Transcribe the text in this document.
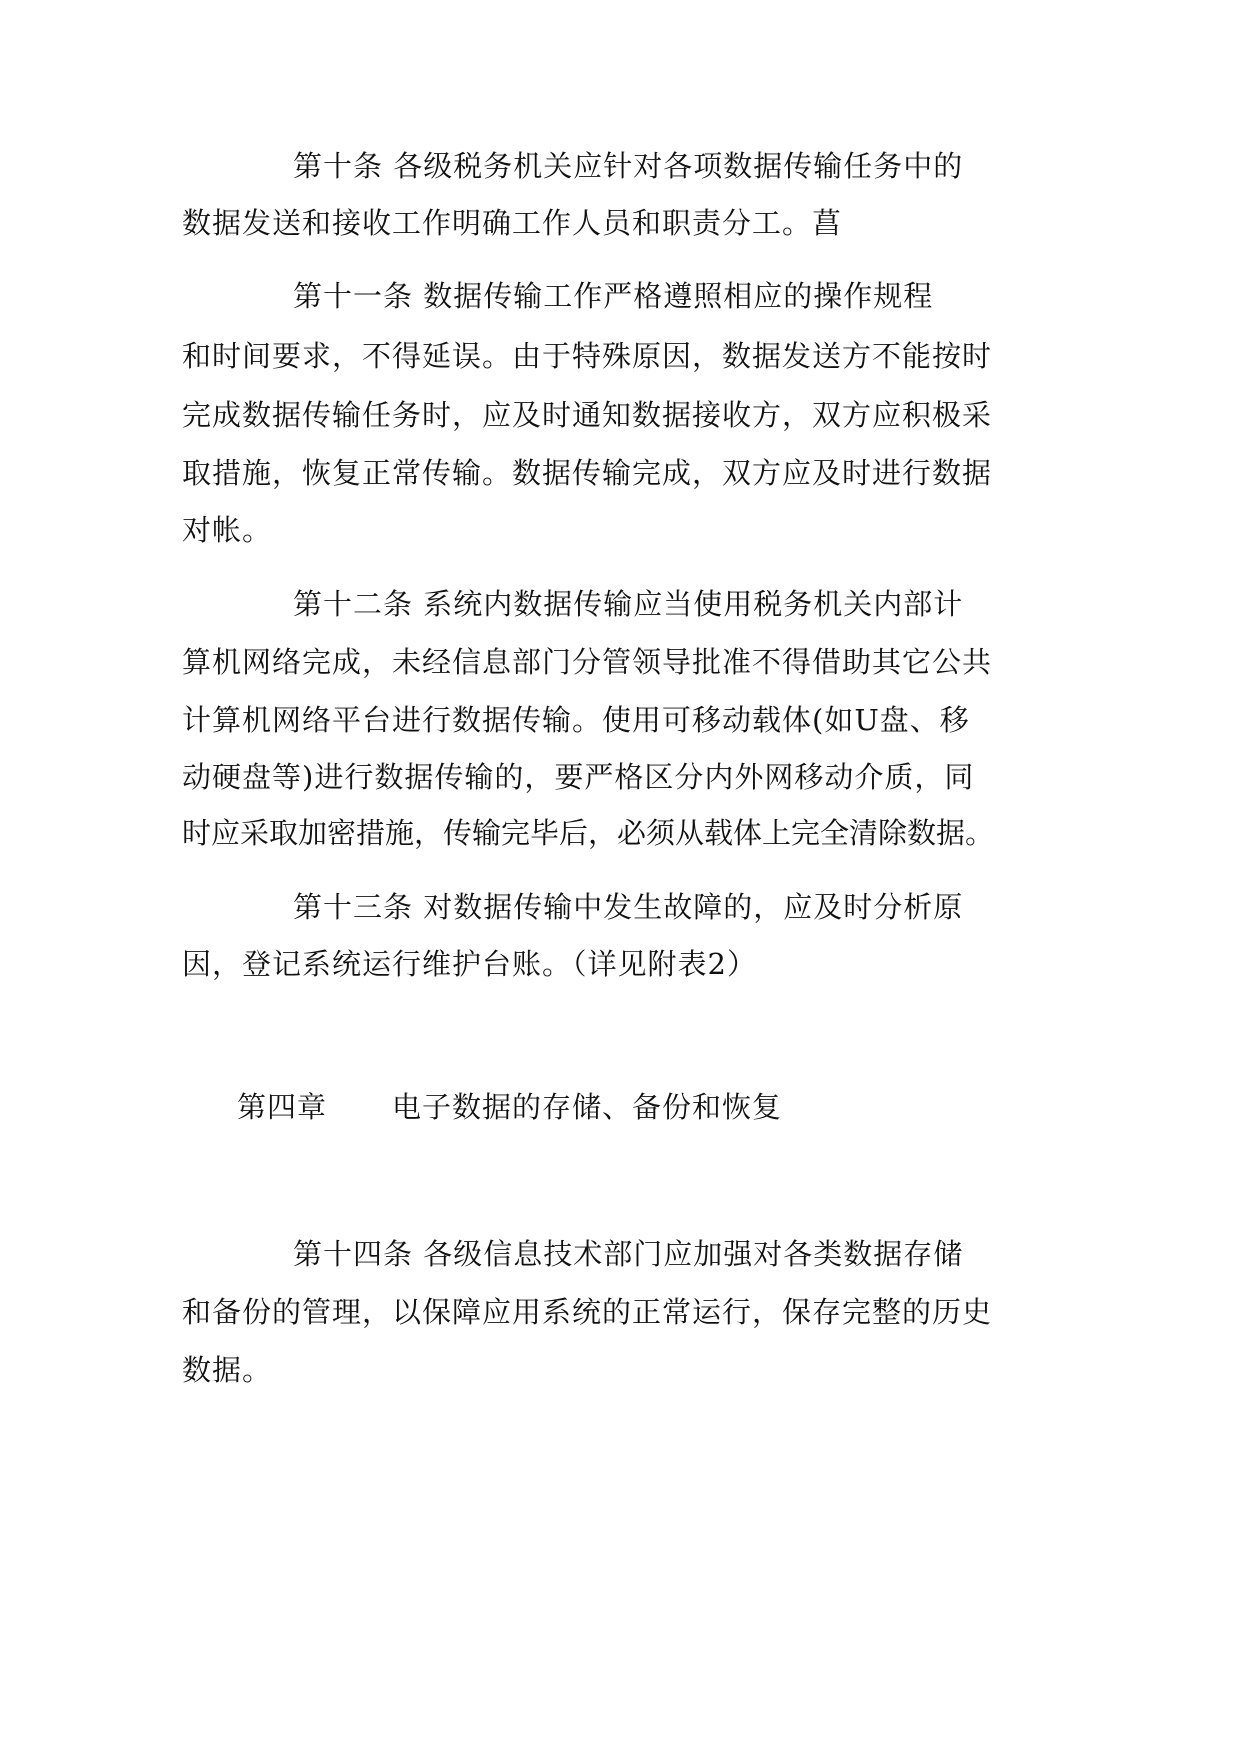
第十条 各级税务机关应针对各项数据传输任务中的
数据发送和接收工作明确工作人员和职责分工。菖
第十一条 数据传输工作严格遵照相应的操作规程
和时间要求，不得延误。由于特殊原因，数据发送方不能按时
完成数据传输任务时，应及时通知数据接收方，双方应积极采
取措施，恢复正常传输。数据传输完成，双方应及时进行数据
对帐。
第十二条 系统内数据传输应当使用税务机关内部计
算机网络完成，未经信息部门分管领导批准不得借助其它公共
计算机网络平台进行数据传输。使用可移动载体(如U盘、移
动硬盘等)进行数据传输的，要严格区分内外网移动介质，同
时应采取加密措施，传输完毕后，必须从载体上完全清除数据。
第十三条 对数据传输中发生故障的，应及时分析原
因，登记系统运行维护台账。（详见附表2）
第四章 电子数据的存储、备份和恢复
第十四条 各级信息技术部门应加强对各类数据存储
和备份的管理，以保障应用系统的正常运行，保存完整的历史
数据。
